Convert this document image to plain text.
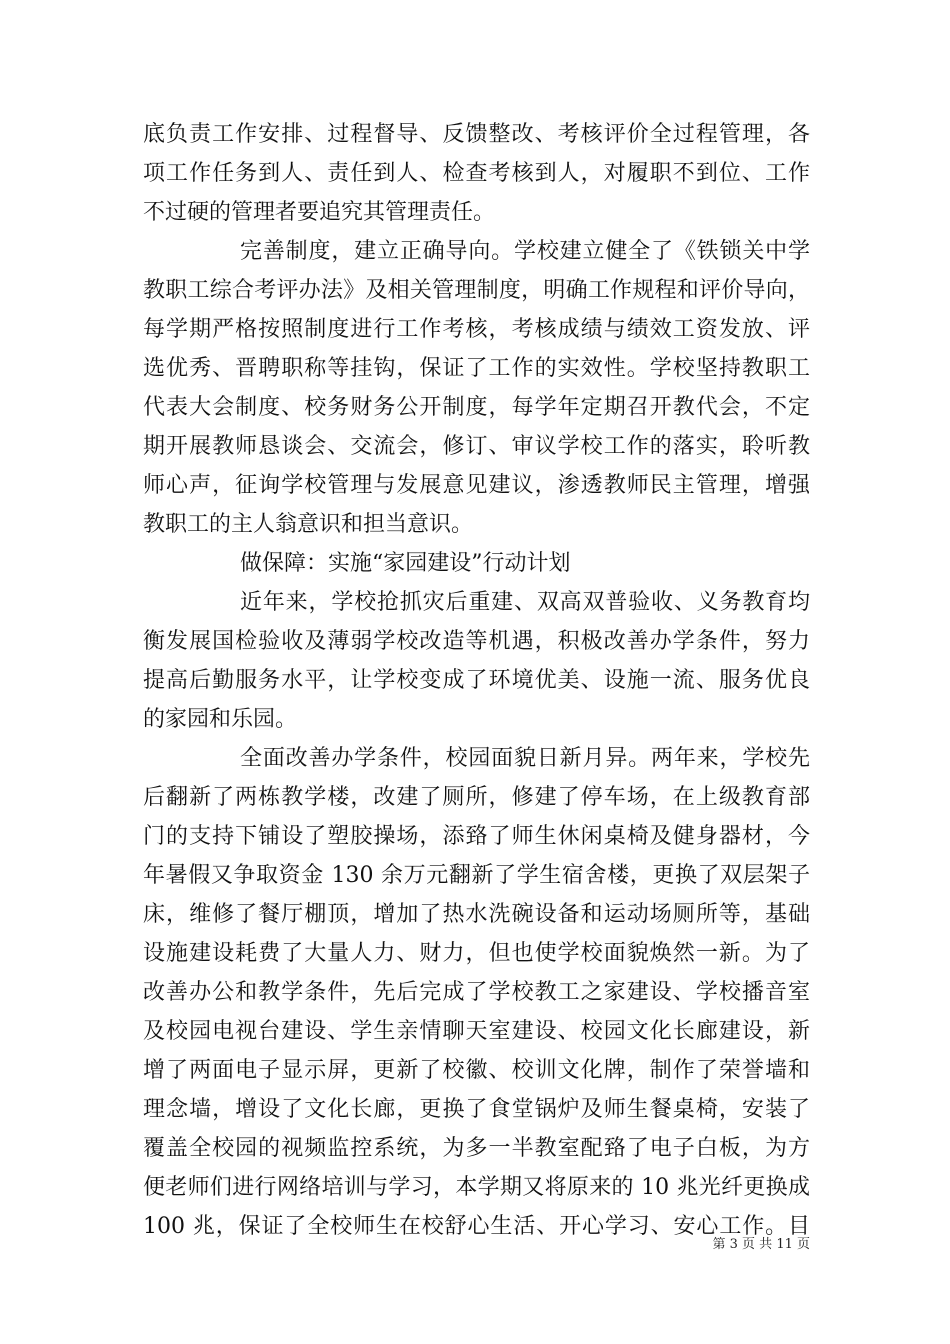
底负责工作安排、过程督导、反馈整改、考核评价全过程管理，各
项工作任务到人、责任到人、检查考核到人，对履职不到位、工作
不过硬的管理者要追究其管理责任。
完善制度，建立正确导向。学校建立健全了《铁锁关中学
教职工综合考评办法》及相关管理制度，明确工作规程和评价导向，
每学期严格按照制度进行工作考核，考核成绩与绩效工资发放、评
选优秀、晋聘职称等挂钩，保证了工作的实效性。学校坚持教职工
代表大会制度、校务财务公开制度，每学年定期召开教代会，不定
期开展教师恳谈会、交流会，修订、审议学校工作的落实，聆听教
师心声，征询学校管理与发展意见建议，渗透教师民主管理，增强
教职工的主人翁意识和担当意识。
做保障：实施“家园建设”行动计划
近年来，学校抢抓灾后重建、双高双普验收、义务教育均
衡发展国检验收及薄弱学校改造等机遇，积极改善办学条件，努力
提高后勤服务水平，让学校变成了环境优美、设施一流、服务优良
的家园和乐园。
全面改善办学条件，校园面貌日新月异。两年来，学校先
后翻新了两栋教学楼，改建了厕所，修建了停车场，在上级教育部
门的支持下铺设了塑胶操场，添臵了师生休闲桌椅及健身器材，今
年暑假又争取资金 130 余万元翻新了学生宿舍楼，更换了双层架子
床，维修了餐厅棚顶，增加了热水洗碗设备和运动场厕所等，基础
设施建设耗费了大量人力、财力，但也使学校面貌焕然一新。为了
改善办公和教学条件，先后完成了学校教工之家建设、学校播音室
及校园电视台建设、学生亲情聊天室建设、校园文化长廊建设，新
增了两面电子显示屏，更新了校徽、校训文化牌，制作了荣誉墙和
理念墙，增设了文化长廊，更换了食堂锅炉及师生餐桌椅，安装了
覆盖全校园的视频监控系统，为多一半教室配臵了电子白板，为方
便老师们进行网络培训与学习，本学期又将原来的 10 兆光纤更换成
100 兆，保证了全校师生在校舒心生活、开心学习、安心工作。目
第 3 页 共 11 页
